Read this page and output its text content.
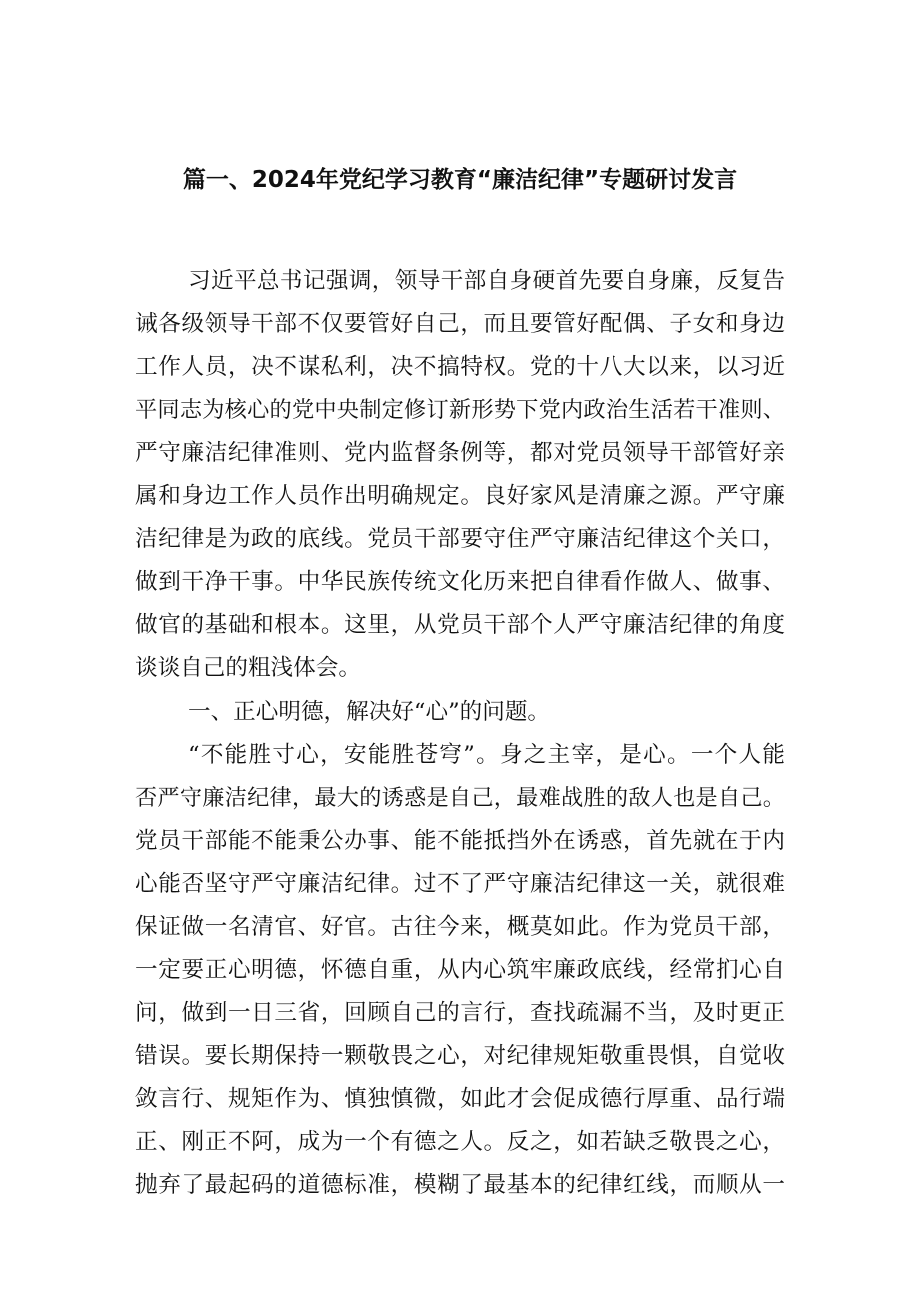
篇一、2024年党纪学习教育“廉洁纪律”专题研讨发言
习近平总书记强调，领导干部自身硬首先要自身廉，反复告
诫各级领导干部不仅要管好自己，而且要管好配偶、子女和身边
工作人员，决不谋私利，决不搞特权。党的十八大以来，以习近
平同志为核心的党中央制定修订新形势下党内政治生活若干准则、
严守廉洁纪律准则、党内监督条例等，都对党员领导干部管好亲
属和身边工作人员作出明确规定。良好家风是清廉之源。严守廉
洁纪律是为政的底线。党员干部要守住严守廉洁纪律这个关口，
做到干净干事。中华民族传统文化历来把自律看作做人、做事、
做官的基础和根本。这里，从党员干部个人严守廉洁纪律的角度
谈谈自己的粗浅体会。
一、正心明德，解决好“心”的问题。
“不能胜寸心，安能胜苍穹”。身之主宰，是心。一个人能
否严守廉洁纪律，最大的诱惑是自己，最难战胜的敌人也是自己。
党员干部能不能秉公办事、能不能抵挡外在诱惑，首先就在于内
心能否坚守严守廉洁纪律。过不了严守廉洁纪律这一关，就很难
保证做一名清官、好官。古往今来，概莫如此。作为党员干部，
一定要正心明德，怀德自重，从内心筑牢廉政底线，经常扪心自
问，做到一日三省，回顾自己的言行，查找疏漏不当，及时更正
错误。要长期保持一颗敬畏之心，对纪律规矩敬重畏惧，自觉收
敛言行、规矩作为、慎独慎微，如此才会促成德行厚重、品行端
正、刚正不阿，成为一个有德之人。反之，如若缺乏敬畏之心，
抛弃了最起码的道德标准，模糊了最基本的纪律红线，而顺从一
